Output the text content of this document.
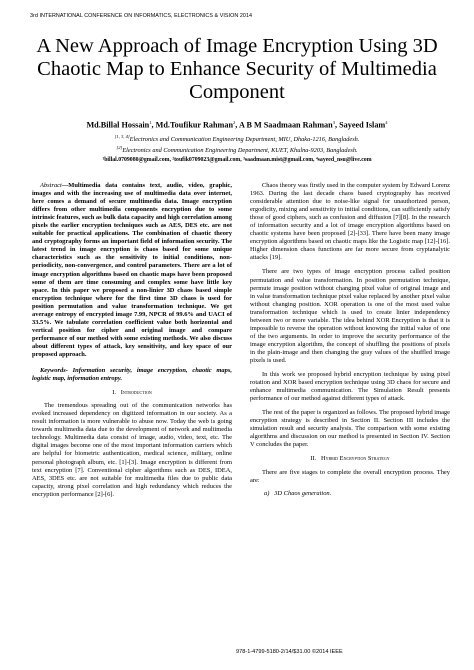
3rd INTERNATIONAL CONFERENCE ON INFORMATICS, ELECTRONICS & VISION 2014
A New Approach of Image Encryption Using 3D
Chaotic Map to Enhance Security of Multimedia
Component
Md.Billal Hossain$^1$, Md.Toufikur Rahman$^2$, A B M Saadmaan Rahman$^3$, Sayeed Islam$^4$
[1, 3, 4]Electronics and Communication Engineering Department, MIU, Dhaka-1216, Bangladesh.
[2]Electronics and Communication Engineering Department, KUET, Khulna-9203, Bangladesh.
¹billal.0709080@gmail.com, ²toufik0709023@gmail.com, ³saadmaan.mist@gmail.com, ⁴sayeed_nsu@live.com

Abstract—Multimedia data contains text, audio, video, graphic, images and with the increasing use of multimedia data over internet, here comes a demand of secure multimedia data. Image encryption differs from other multimedia components encryption due to some intrinsic features, such as bulk data capacity and high correlation among pixels the earlier encryption techniques such as AES, DES etc. are not suitable for practical applications. The combination of chaotic theory and cryptography forms an important field of information security. The latest trend in image encryption is chaos based for some unique characteristics such as the sensitivity to initial conditions, non-periodicity, non-convergence, and control parameters. There are a lot of image encryption algorithms based on chaotic maps have been proposed some of them are time consuming and complex some have little key space. In this paper we proposed a non-linier 3D chaos based simple encryption technique where for the first time 3D chaos is used for position permutation and value transformation technique. We get average entropy of encrypted image 7.99, NPCR of 99.6% and UACI of 33.5%. We tabulate correlation coefficient value both horizontal and vertical position for cipher and original image and compare performance of our method with some existing methods. We also discuss about different types of attack, key sensitivity, and key space of our proposed approach.

Keywords- Information security, image encryption, chaotic maps, logistic map, information entropy.

I. Introduction

The tremendous spreading out of the communication networks has evoked increased dependency on digitized information in our society. As a result information is more vulnerable to abuse now. Today the web is going towards multimedia data due to the development of network and multimedia technology. Multimedia data consist of image, audio, video, text, etc. The digital images become one of the most important information carriers which are helpful for biometric authentication, medical science, military, online personal photograph album, etc. [1]-[3]. Image encryption is different from text encryption [7]. Conventional cipher algorithms such as DES, IDEA, AES, 3DES etc. are not suitable for multimedia files due to public data capacity, strong pixel correlation and high redundancy which reduces the encryption performance [2]-[6].

Chaos theory was firstly used in the computer system by Edward Lorenz 1963. During the last decade chaos based cryptography has received considerable attention due to noise-like signal for unauthorized person, ergodicity, mixing and sensitivity to initial conditions, can sufficiently satisfy those of good ciphers, such as confusion and diffusion [7][8]. In the research of information security and a lot of image encryption algorithms based on chaotic systems have been proposed [2]-[33]. There have been many image encryption algorithms based on chaotic maps like the Logistic map [12]-[16]. Higher dimension chaos functions are far more secure from cryptanalytic attacks [19].

There are two types of image encryption process called position permutation and value transformation. In position permutation technique, permute image position without changing pixel value of original image and in value transformation technique pixel value replaced by another pixel value without changing position. XOR operation is one of the most used value transformation technique which is used to create linier independency between two or more variable. The idea behind XOR Encryption is that it is impossible to reverse the operation without knowing the initial value of one of the two arguments. In order to improve the security performance of the image encryption algorithm, the concept of shuffling the positions of pixels in the plain-image and then changing the gray values of the shuffled image pixels is used.

In this work we proposed hybrid encryption technique by using pixel rotation and XOR based encryption technique using 3D chaos for secure and enhance multimedia communication. The Simulation Result presents performance of our method against different types of attack.

The rest of the paper is organized as follows. The proposed hybrid image encryption strategy is described in Section II. Section III includes the simulation result and security analysis. The comparison with some existing algorithms and discussion on our method is presented in Section IV. Section V concludes the paper.

II. Hybrid Encryption Strategy

There are five stages to complete the overall encryption process. They are:

a) 3D Chaos generation.

978-1-4799-5180-2/14/$31.00 ©2014 IEEE
